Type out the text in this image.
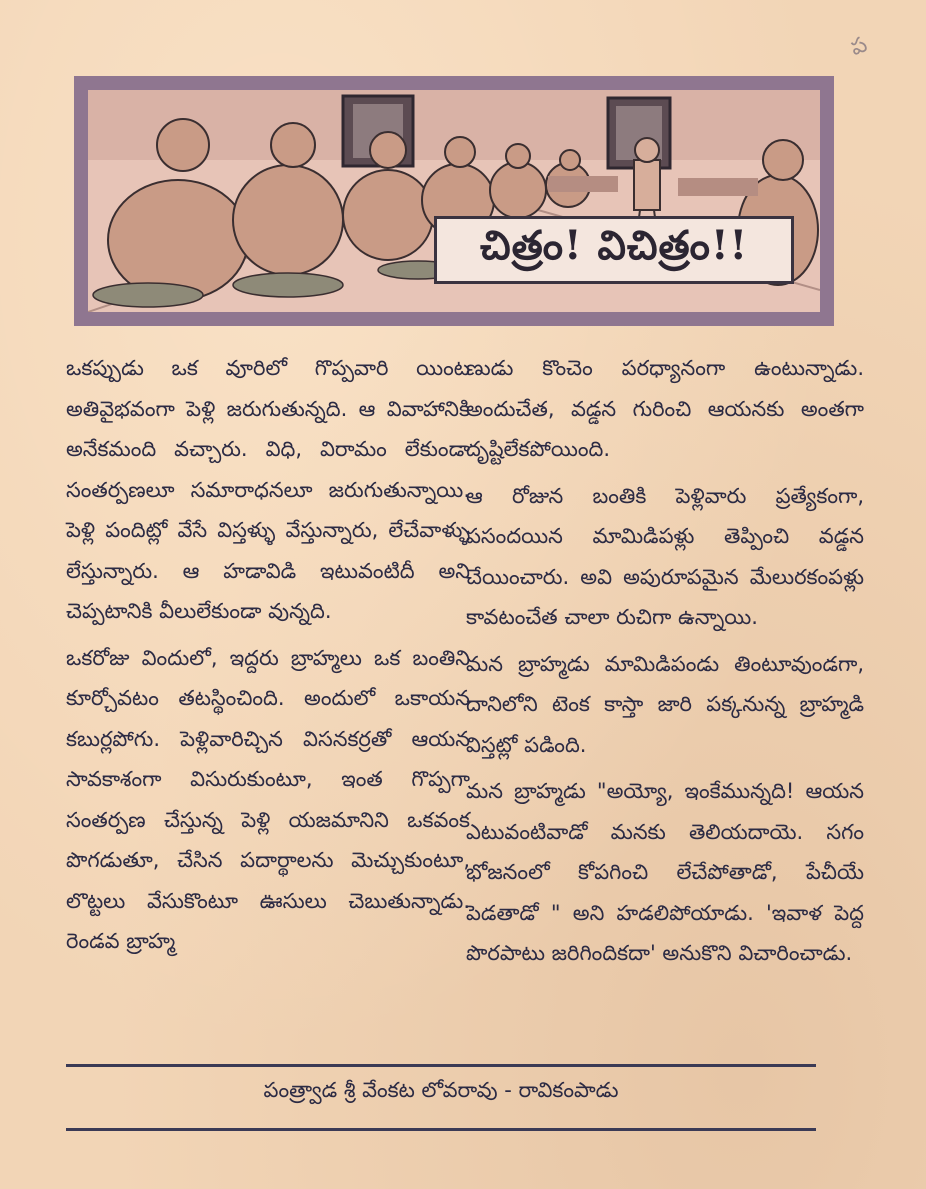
ప
చిత్రం! విచిత్రం!!

ఒకప్పుడు ఒక వూరిలో గొప్పవారి యింట అతివైభవంగా పెళ్లి జరుగుతున్నది. ఆ వివాహానికి అనేకమంది వచ్చారు. విధి, విరామం లేకుండా సంతర్పణలూ సమారాధనలూ జరుగుతున్నాయి. పెళ్లి పందిట్లో వేసే విస్తళ్ళు వేస్తున్నారు, లేచేవాళ్ళు లేస్తున్నారు. ఆ హడావిడి ఇటువంటిదీ అని చెప్పటానికి వీలులేకుండా వున్నది.

ఒకరోజు విందులో, ఇద్దరు బ్రాహ్మలు ఒక బంతిని కూర్చోవటం తటస్థించింది. అందులో ఒకాయన కబుర్లపోగు. పెళ్లివారిచ్చిన విసనకర్రతో ఆయన సావకాశంగా విసురుకుంటూ, ఇంత గొప్పగా సంతర్పణ చేస్తున్న పెళ్లి యజమానిని ఒకవంక పొగడుతూ, చేసిన పదార్థాలను మెచ్చుకుంటూ, లొట్టలు వేసుకొంటూ ఊసులు చెబుతున్నాడు. రెండవ బ్రాహ్మ

ణుడు కొంచెం పరధ్యానంగా ఉంటున్నాడు. అందుచేత, వడ్డన గురించి ఆయనకు అంతగా దృష్టిలేకపోయింది.

ఆ రోజున బంతికి పెళ్లివారు ప్రత్యేకంగా, పసందయిన మామిడిపళ్లు తెప్పించి వడ్డన చేయించారు. అవి అపురూపమైన మేలురకంపళ్లు కావటంచేత చాలా రుచిగా ఉన్నాయి.

మన బ్రాహ్మడు మామిడిపండు తింటూవుండగా, దానిలోని టెంక కాస్తా జారి పక్కనున్న బ్రాహ్మడి విస్తట్లో పడింది.

మన బ్రాహ్మడు "అయ్యో, ఇంకేమున్నది! ఆయన ఎటువంటివాడో మనకు తెలియదాయె. సగం భోజనంలో కోపగించి లేచేపోతాడో, పేచీయే పెడతాడో " అని హడలిపోయాడు. 'ఇవాళ పెద్ద పొరపాటు జరిగిందికదా' అనుకొని విచారించాడు.

పంత్ర్వాడ శ్రీ వేంకట లోవరావు - రావికంపాడు
